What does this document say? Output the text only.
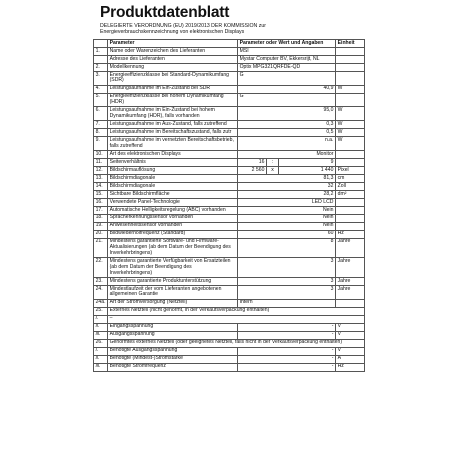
Produktdatenblatt
DELEGIERTE VERORDNUNG (EU) 2019/2013 DER KOMMISSION zur Energieverbrauchskennzeichnung von elektronischen Displays
	Parameter	Parameter oder Wert und Angaben			Einheit
1.	Name oder Warenzeichen des Lieferanten	MSI			
	Adresse des Lieferanten	Mystar Computer BV, Ekkersrijt, NL			
2.	Modellkennung	Optix MPG321QRFDE-QD			
3.	Energieeffizienzklasse bei Standard-Dynamikumfang (SDR)	G			
4.	Leistungsaufnahme im Ein-Zustand bei SDR	40,9			W
5.	Energieeffizienzklasse bei hohem Dynamikumfang (HDR)	G			
6.	Leistungsaufnahme im Ein-Zustand bei hohem Dynamikumfang (HDR), falls vorhanden	95,0			W
7.	Leistungsaufnahme im Aus-Zustand, falls zutreffend	0,3			W
8.	Leistungsaufnahme im Bereitschaftszustand, falls zutr	0,5			W
9.	Leistungsaufnahme im vernetzten Bereitschaftsbetrieb, falls zutreffend	n.a.			W
10.	Art des elektronischen Displays	Monitor			
11.	Seitenverhältnis	16	:	9	
12.	Bildschirmauflösung	2 560	x	1 440	Pixel
13.	Bildschirmdiagonale	81,3			cm
14.	Bildschirmdiagonale	32			Zoll
15.	Sichtbare Bildschirmfläche	28,2			dm²
16.	Verwendete Panel-Technologie	LED LCD			
17.	Automatische Helligkeitsregelung (ABC) vorhanden	Nein			
18.	Spracherkennungssensor vorhanden	Nein			
19.	Anwesenheitssensor vorhanden	Nein			
20.	Bildwiederholfrequenz (Standard)	60			Hz
21.	Mindestens garantierte Software- und Firmware-Aktualisierungen (ab dem Datum der Beendigung des Inverkehrbringens)	8			Jahre
22.	Mindestens garantierte Verfügbarkeit von Ersatzteilen (ab dem Datum der Beendigung des Inverkehrbringens)	3			Jahre
23.	Mindestens garantierte Produktunterstützung	3			Jahre
24.	Mindestlaufzeit der vom Lieferanten angebotenen allgemeinen Garantie	3			Jahre
24a.	Art der Stromversorgung (Netzteil)	Intern			
25.	Externes Netzteil (nicht genormt, in der Verkaufsverpackung enthalten)				
i.	–				
ii.	Eingangsspannung	-			V
iii.	Ausgangsspannung	-			V
26.	Genormtes externes Netzteil (oder geeignetes Netzteil, falls nicht in der Verkaufsverpackung enthalten)				
i.	Benötigte Ausgangsspannung	-			V
ii.	Benötigte (Mindest-)Stromstärke	-			A
iii.	Benötigte Stromfrequenz	-			Hz
